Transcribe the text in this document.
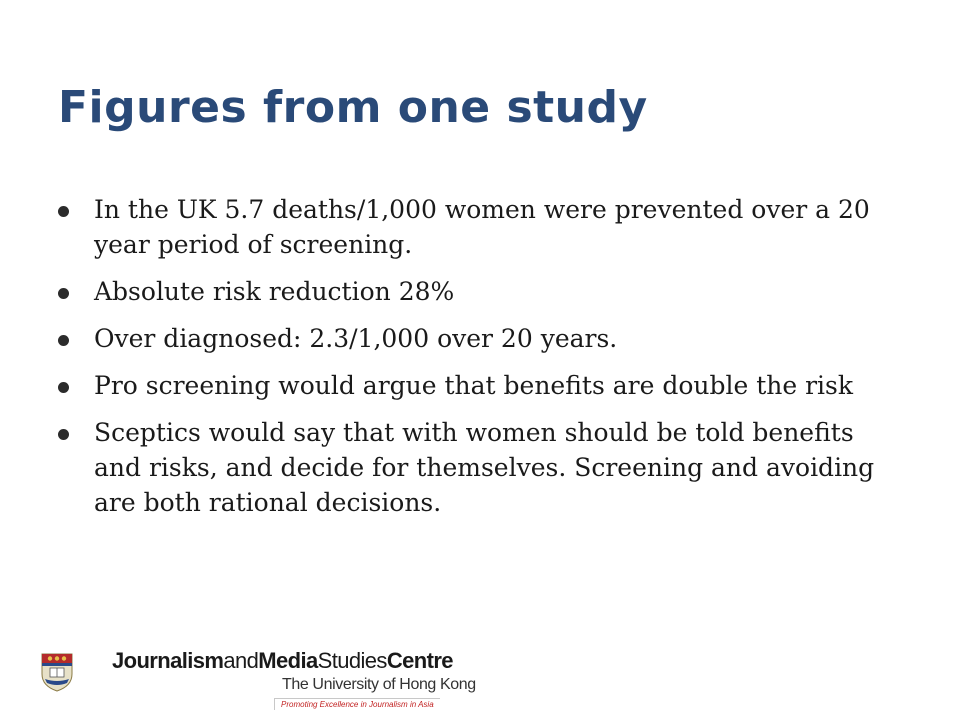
Figures from one study
In the UK 5.7 deaths/1,000 women were prevented over a 20 year period of screening.
Absolute risk reduction 28%
Over diagnosed: 2.3/1,000 over 20 years.
Pro screening would argue that benefits are double the risk
Sceptics would say that with women should be told benefits and risks, and decide for themselves. Screening and avoiding are both rational decisions.
JournalismandMediaStudiesCentre
The University of Hong Kong
Promoting Excellence in Journalism in Asia
